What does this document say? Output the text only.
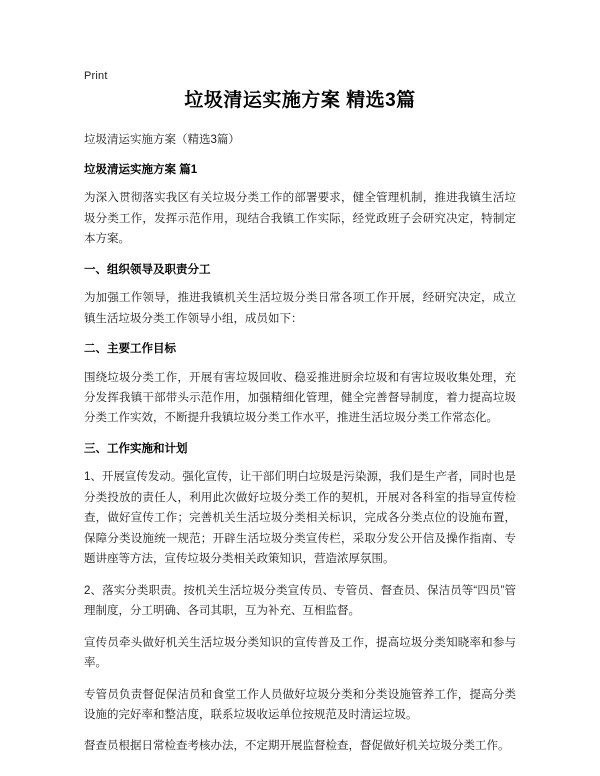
Print
垃圾清运实施方案 精选3篇

垃圾清运实施方案（精选3篇）

垃圾清运实施方案 篇1

为深入贯彻落实我区有关垃圾分类工作的部署要求，健全管理机制，推进我镇生活垃圾分类工作，发挥示范作用，现结合我镇工作实际，经党政班子会研究决定，特制定本方案。

一、组织领导及职责分工

为加强工作领导，推进我镇机关生活垃圾分类日常各项工作开展，经研究决定，成立镇生活垃圾分类工作领导小组，成员如下：

二、主要工作目标

围绕垃圾分类工作，开展有害垃圾回收、稳妥推进厨余垃圾和有害垃圾收集处理，充分发挥我镇干部带头示范作用，加强精细化管理，健全完善督导制度，着力提高垃圾分类工作实效，不断提升我镇垃圾分类工作水平，推进生活垃圾分类工作常态化。

三、工作实施和计划

1、开展宣传发动。强化宣传，让干部们明白垃圾是污染源，我们是生产者，同时也是分类投放的责任人，利用此次做好垃圾分类工作的契机，开展对各科室的指导宣传检查，做好宣传工作；完善机关生活垃圾分类相关标识，完成各分类点位的设施布置，保障分类设施统一规范；开辟生活垃圾分类宣传栏，采取分发公开信及操作指南、专题讲座等方法，宣传垃圾分类相关政策知识，营造浓厚氛围。

2、落实分类职责。按机关生活垃圾分类宣传员、专管员、督查员、保洁员等“四员”管理制度，分工明确、各司其职，互为补充、互相监督。

宣传员牵头做好机关生活垃圾分类知识的宣传普及工作，提高垃圾分类知晓率和参与率。

专管员负责督促保洁员和食堂工作人员做好垃圾分类和分类设施管养工作，提高分类设施的完好率和整洁度，联系垃圾收运单位按规范及时清运垃圾。

督查员根据日常检查考核办法，不定期开展监督检查，督促做好机关垃圾分类工作。
